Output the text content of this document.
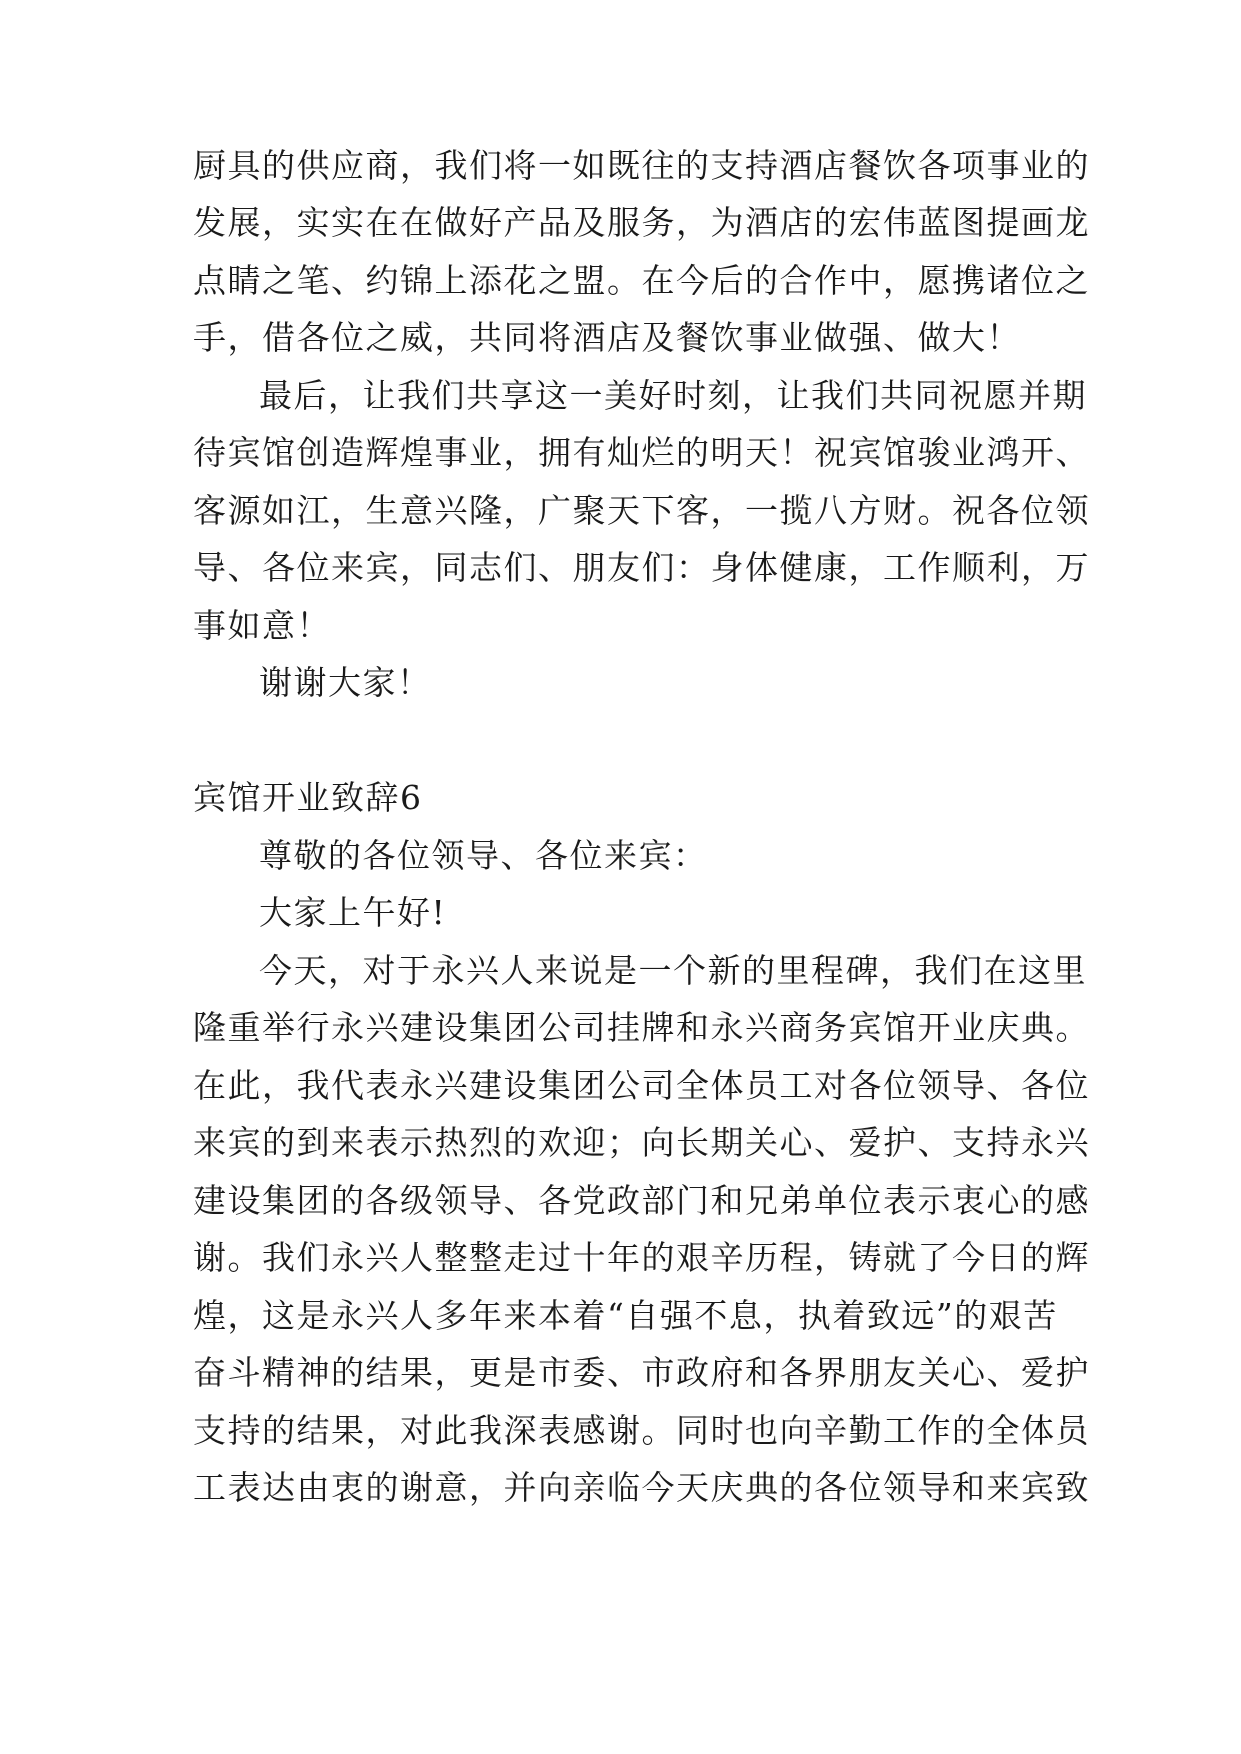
厨具的供应商，我们将一如既往的支持酒店餐饮各项事业的
发展，实实在在做好产品及服务，为酒店的宏伟蓝图提画龙
点睛之笔、约锦上添花之盟。在今后的合作中，愿携诸位之
手，借各位之威，共同将酒店及餐饮事业做强、做大！
最后，让我们共享这一美好时刻，让我们共同祝愿并期
待宾馆创造辉煌事业，拥有灿烂的明天！祝宾馆骏业鸿开、
客源如江，生意兴隆，广聚天下客，一揽八方财。祝各位领
导、各位来宾，同志们、朋友们：身体健康，工作顺利，万
事如意！
谢谢大家！
宾馆开业致辞6
尊敬的各位领导、各位来宾：
大家上午好!
今天，对于永兴人来说是一个新的里程碑，我们在这里
隆重举行永兴建设集团公司挂牌和永兴商务宾馆开业庆典。
在此，我代表永兴建设集团公司全体员工对各位领导、各位
来宾的到来表示热烈的欢迎；向长期关心、爱护、支持永兴
建设集团的各级领导、各党政部门和兄弟单位表示衷心的感
谢。我们永兴人整整走过十年的艰辛历程，铸就了今日的辉
煌，这是永兴人多年来本着“自强不息，执着致远”的艰苦
奋斗精神的结果，更是市委、市政府和各界朋友关心、爱护
支持的结果，对此我深表感谢。同时也向辛勤工作的全体员
工表达由衷的谢意，并向亲临今天庆典的各位领导和来宾致
